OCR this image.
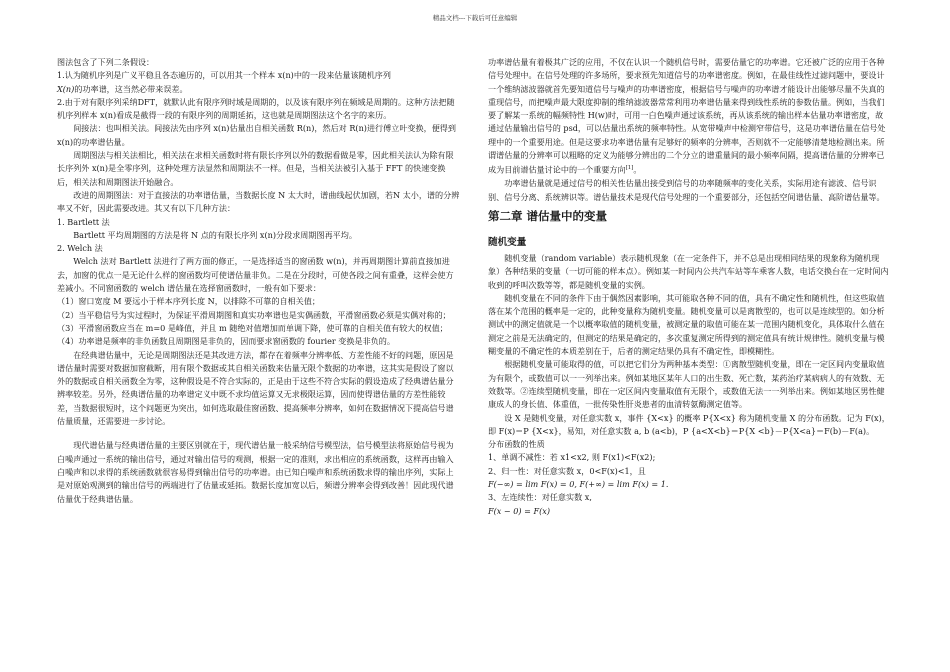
精品文档---下载后可任意编辑

图法包含了下列二条假设：

1.认为随机序列是广义平稳且各态遍历的，可以用其一个样本 x(n)中的一段来估量该随机序列
X(n)的功率谱，这当然必带来误差。

2.由于对有限序列采纳DFT，就默认此有限序列时域是周期的，以及该有限序列在频域是周期的。这种方法把随机序列样本 x(n)看成是截得一段的有限序列的周期延拓，这也就是周期图法这个名字的来历。

间接法：也叫相关法。间接法先由序列 x(n)估量出自相关函数 R(n)，然后对 R(n)进行傅立叶变换，便得到 x(n)的功率谱估量。

周期图法与相关法相比，相关法在求相关函数时将有限长序列以外的数据看做是零，因此相关法认为除有限长序列外 x(n)是全零序列，这种处理方法显然和周期法不一样。但是，当相关法被引入基于 FFT 的快速变换后，相关法和周期图法开始融合。

改进的周期图法：对于直接法的功率谱估量，当数据长度 N 太大时，谱曲线起伏加剧，若N 太小，谱的分辨率又不好，因此需要改进。其又有以下几种方法：

1. Bartlett 法

Bartlett 平均周期图的方法是将 N 点的有限长序列 x(n)分段求周期图再平均。

2. Welch 法

Welch 法对 Bartlett 法进行了两方面的修正，一是选择适当的窗函数 w(n)，并再周期图计算前直接加进去，加窗的优点一是无论什么样的窗函数均可使谱估量非负。二是在分段时，可使各段之间有重叠，这样会使方差减小。不同窗函数的 welch 谱估量在选择窗函数时，一般有如下要求：

（1）窗口宽度 M 要远小于样本序列长度 N，以排除不可靠的自相关值；

（2）当平稳信号为实过程时，为保证平滑周期图和真实功率谱也是实偶函数，平滑窗函数必须是实偶对称的；

（3）平滑窗函数应当在 m=0 是峰值，并且 m 随绝对值增加而单调下降，使可靠的自相关值有较大的权值；

（4）功率谱是频率的非负函数且周期图是非负的，因而要求窗函数的 fourier 变换是非负的。

在经典谱估量中，无论是周期图法还是其改进方法，都存在着频率分辨率低、方差性能不好的问题，原因是谱估量时需要对数据加窗截断，用有限个数据或其自相关函数来估量无限个数据的功率谱，这其实是假设了窗以外的数据或自相关函数全为零，这种假设是不符合实际的，正是由于这些不符合实际的假设造成了经典谱估量分辨率较差。另外，经典谱估量的功率谱定义中既不求均值运算又无求极限运算，因而使得谱估量的方差性能较差，当数据很短时，这个问题更为突出，如何选取最佳窗函数、提高频率分辨率，如何在数据情况下提高信号谱估量质量，还需要进一步讨论。

现代谱估量与经典谱估量的主要区别就在于，现代谱估量一般采纳信号模型法，信号模型法将原始信号视为白噪声通过一系统的输出信号，通过对输出信号的观测，根据一定的准则，求出相应的系统函数，这样再由输入白噪声和以求得的系统函数就很容易得到输出信号的功率谱。由已知白噪声和系统函数求得的输出序列，实际上是对原始观测到的输出信号的两端进行了估量或延拓。数据长度加宽以后，频谱分辨率会得到改善！因此现代谱估量优于经典谱估量。

功率谱估量有着极其广泛的应用，不仅在认识一个随机信号时，需要估量它的功率谱。它还被广泛的应用于各种信号处理中。在信号处理的许多场所，要求预先知道信号的功率谱密度。例如，在最佳线性过滤问题中，要设计一个维纳滤波器就首先要知道信号与噪声的功率谱密度，根据信号与噪声的功率谱才能设计出能够尽量不失真的重现信号，而把噪声最大限度抑制的维纳滤波器常常利用功率谱估量来得到线性系统的参数估量。例如，当我们要了解某一系统的幅频特性 H(w)时，可用一白色噪声通过该系统，再从该系统的输出样本估量功率谱密度，故通过估量输出信号的 psd，可以估量出系统的频率特性。从宽带噪声中检测窄带信号，这是功率谱估量在信号处理中的一个重要用途。但是这要求功率谱估量有足够好的频率的分辨率，否则就不一定能够清楚地检测出来。所谓谱估量的分辨率可以粗略的定义为能够分辨出的二个分立的谱重量间的最小频率间隔，提高谱估量的分辨率已成为目前谱估量讨论中的一个重要方向[1]。

功率谱估量就是通过信号的相关性估量出接受到信号的功率随频率的变化关系，实际用途有滤波、信号识别、信号分离、系统辨识等。谱估量技术是现代信号处理的一个重要部分，还包括空间谱估量、高阶谱估量等。

第二章 谱估量中的变量
随机变量

随机变量（random variable）表示随机现象（在一定条件下，并不总是出现相同结果的现象称为随机现象）各种结果的变量（一切可能的样本点）。例如某一时间内公共汽车站等车乘客人数，电话交换台在一定时间内收到的呼叫次数等等，都是随机变量的实例。

随机变量在不同的条件下由于偶然因素影响，其可能取各种不同的值，具有不确定性和随机性，但这些取值落在某个范围的概率是一定的，此种变量称为随机变量。随机变量可以是离散型的，也可以是连续型的。如分析测试中的测定值就是一个以概率取值的随机变量，被测定量的取值可能在某一范围内随机变化，具体取什么值在测定之前是无法确定的，但测定的结果是确定的，多次重复测定所得到的测定值具有统计规律性。随机变量与模糊变量的不确定性的本质差别在于，后者的测定结果仍具有不确定性，即模糊性。

根据随机变量可能取得的值，可以把它们分为两种基本类型：①离散型随机变量，即在一定区间内变量取值为有限个，或数值可以一一列举出来。例如某地区某年人口的出生数、死亡数，某药治疗某病病人的有效数、无效数等。②连续型随机变量，即在一定区间内变量取值有无限个，或数值无法一一列举出来。例如某地区男性健康成人的身长值、体重值，一批传染性肝炎患者的血清转氨酶测定值等。

设 X 是随机变量，对任意实数 x，事件 {X<x} 的概率 P{X<x} 称为随机变量 X 的分布函数。记为 F(x)，即 F(x)＝P {X<x}，易知，对任意实数 a, b (a<b)，P {a<X<b}＝P{X <b}－P{X<a}＝F(b)－F(a)。

分布函数的性质

1、单调不减性：若 x1<x2, 则 F(x1)<F(x2);

2、归一性：对任意实数 x，0<F(x)<1，且

F(−∞) = lim F(x) = 0, F(+∞) = lim F(x) = 1.

3、左连续性：对任意实数 x,

F(x − 0) = F(x)
